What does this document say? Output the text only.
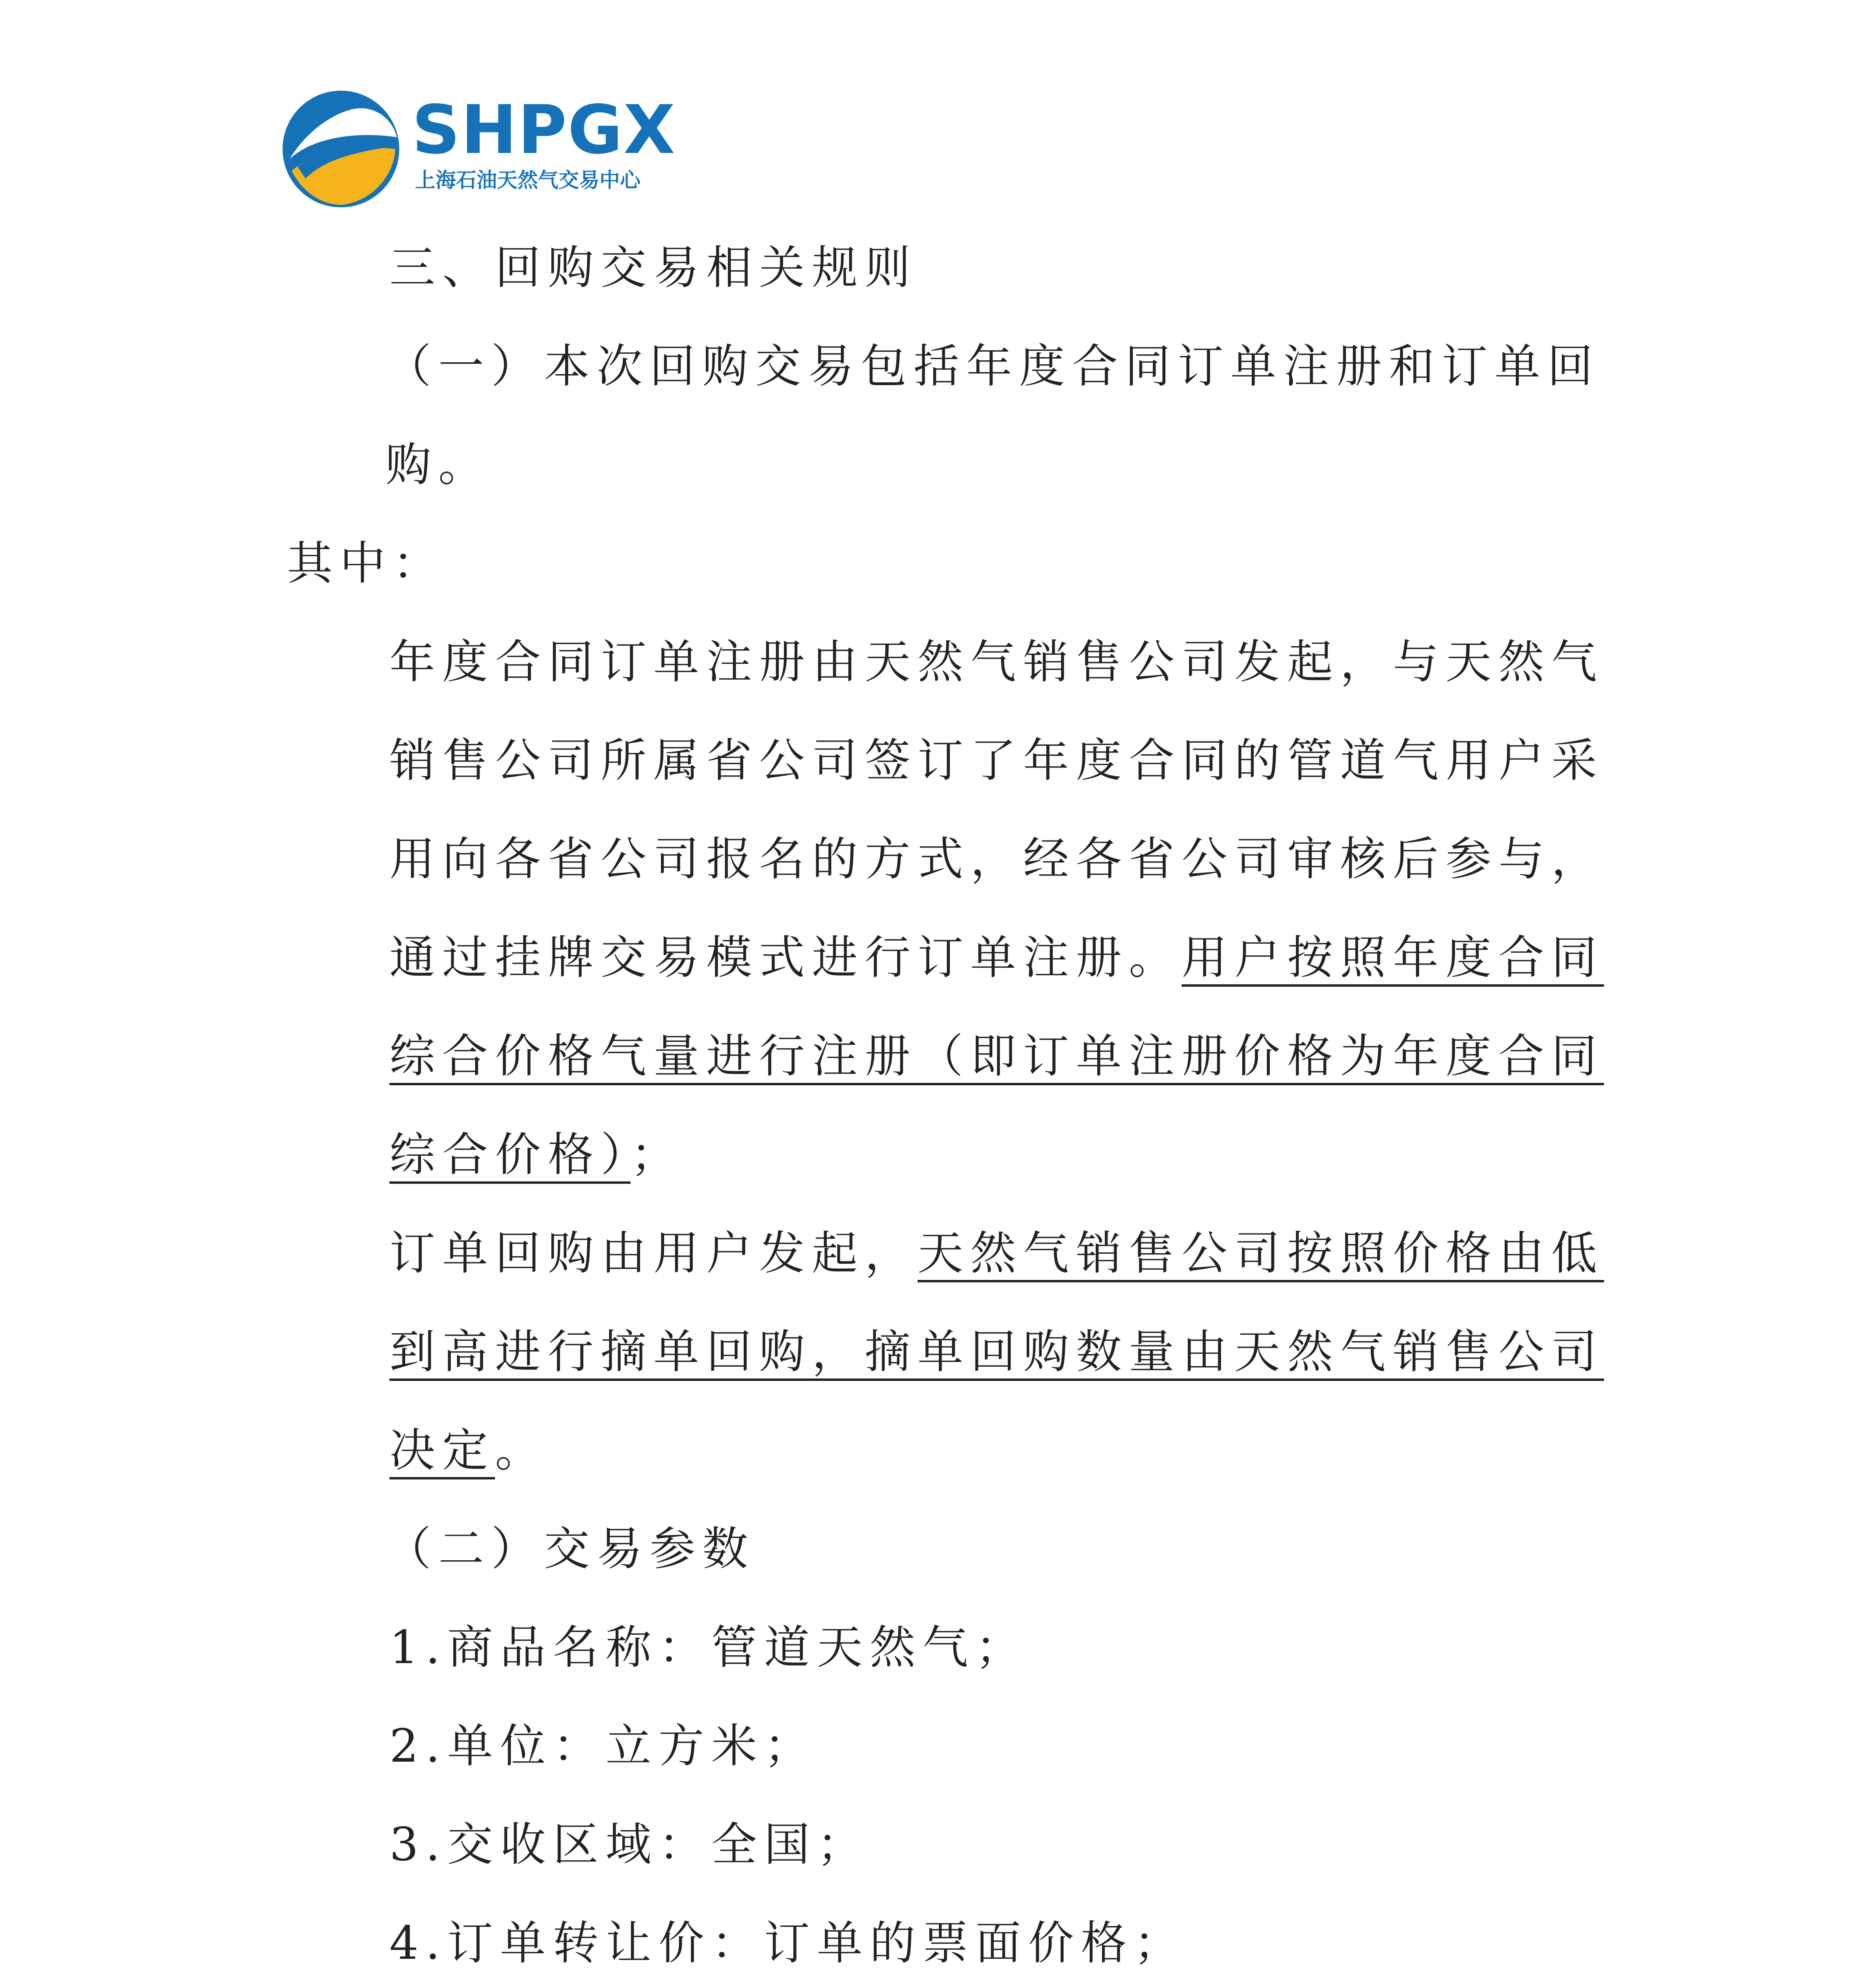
SHPGX
上海石油天然气交易中心

三、回购交易相关规则

（一）本次回购交易包括年度合同订单注册和订单回购。

其中：

年度合同订单注册由天然气销售公司发起，与天然气销售公司所属省公司签订了年度合同的管道气用户采用向各省公司报名的方式，经各省公司审核后参与，通过挂牌交易模式进行订单注册。用户按照年度合同综合价格气量进行注册（即订单注册价格为年度合同综合价格）；

订单回购由用户发起，天然气销售公司按照价格由低到高进行摘单回购，摘单回购数量由天然气销售公司决定。

（二）交易参数

1.商品名称：管道天然气；

2.单位：立方米；

3.交收区域：全国；

4.订单转让价：订单的票面价格；
